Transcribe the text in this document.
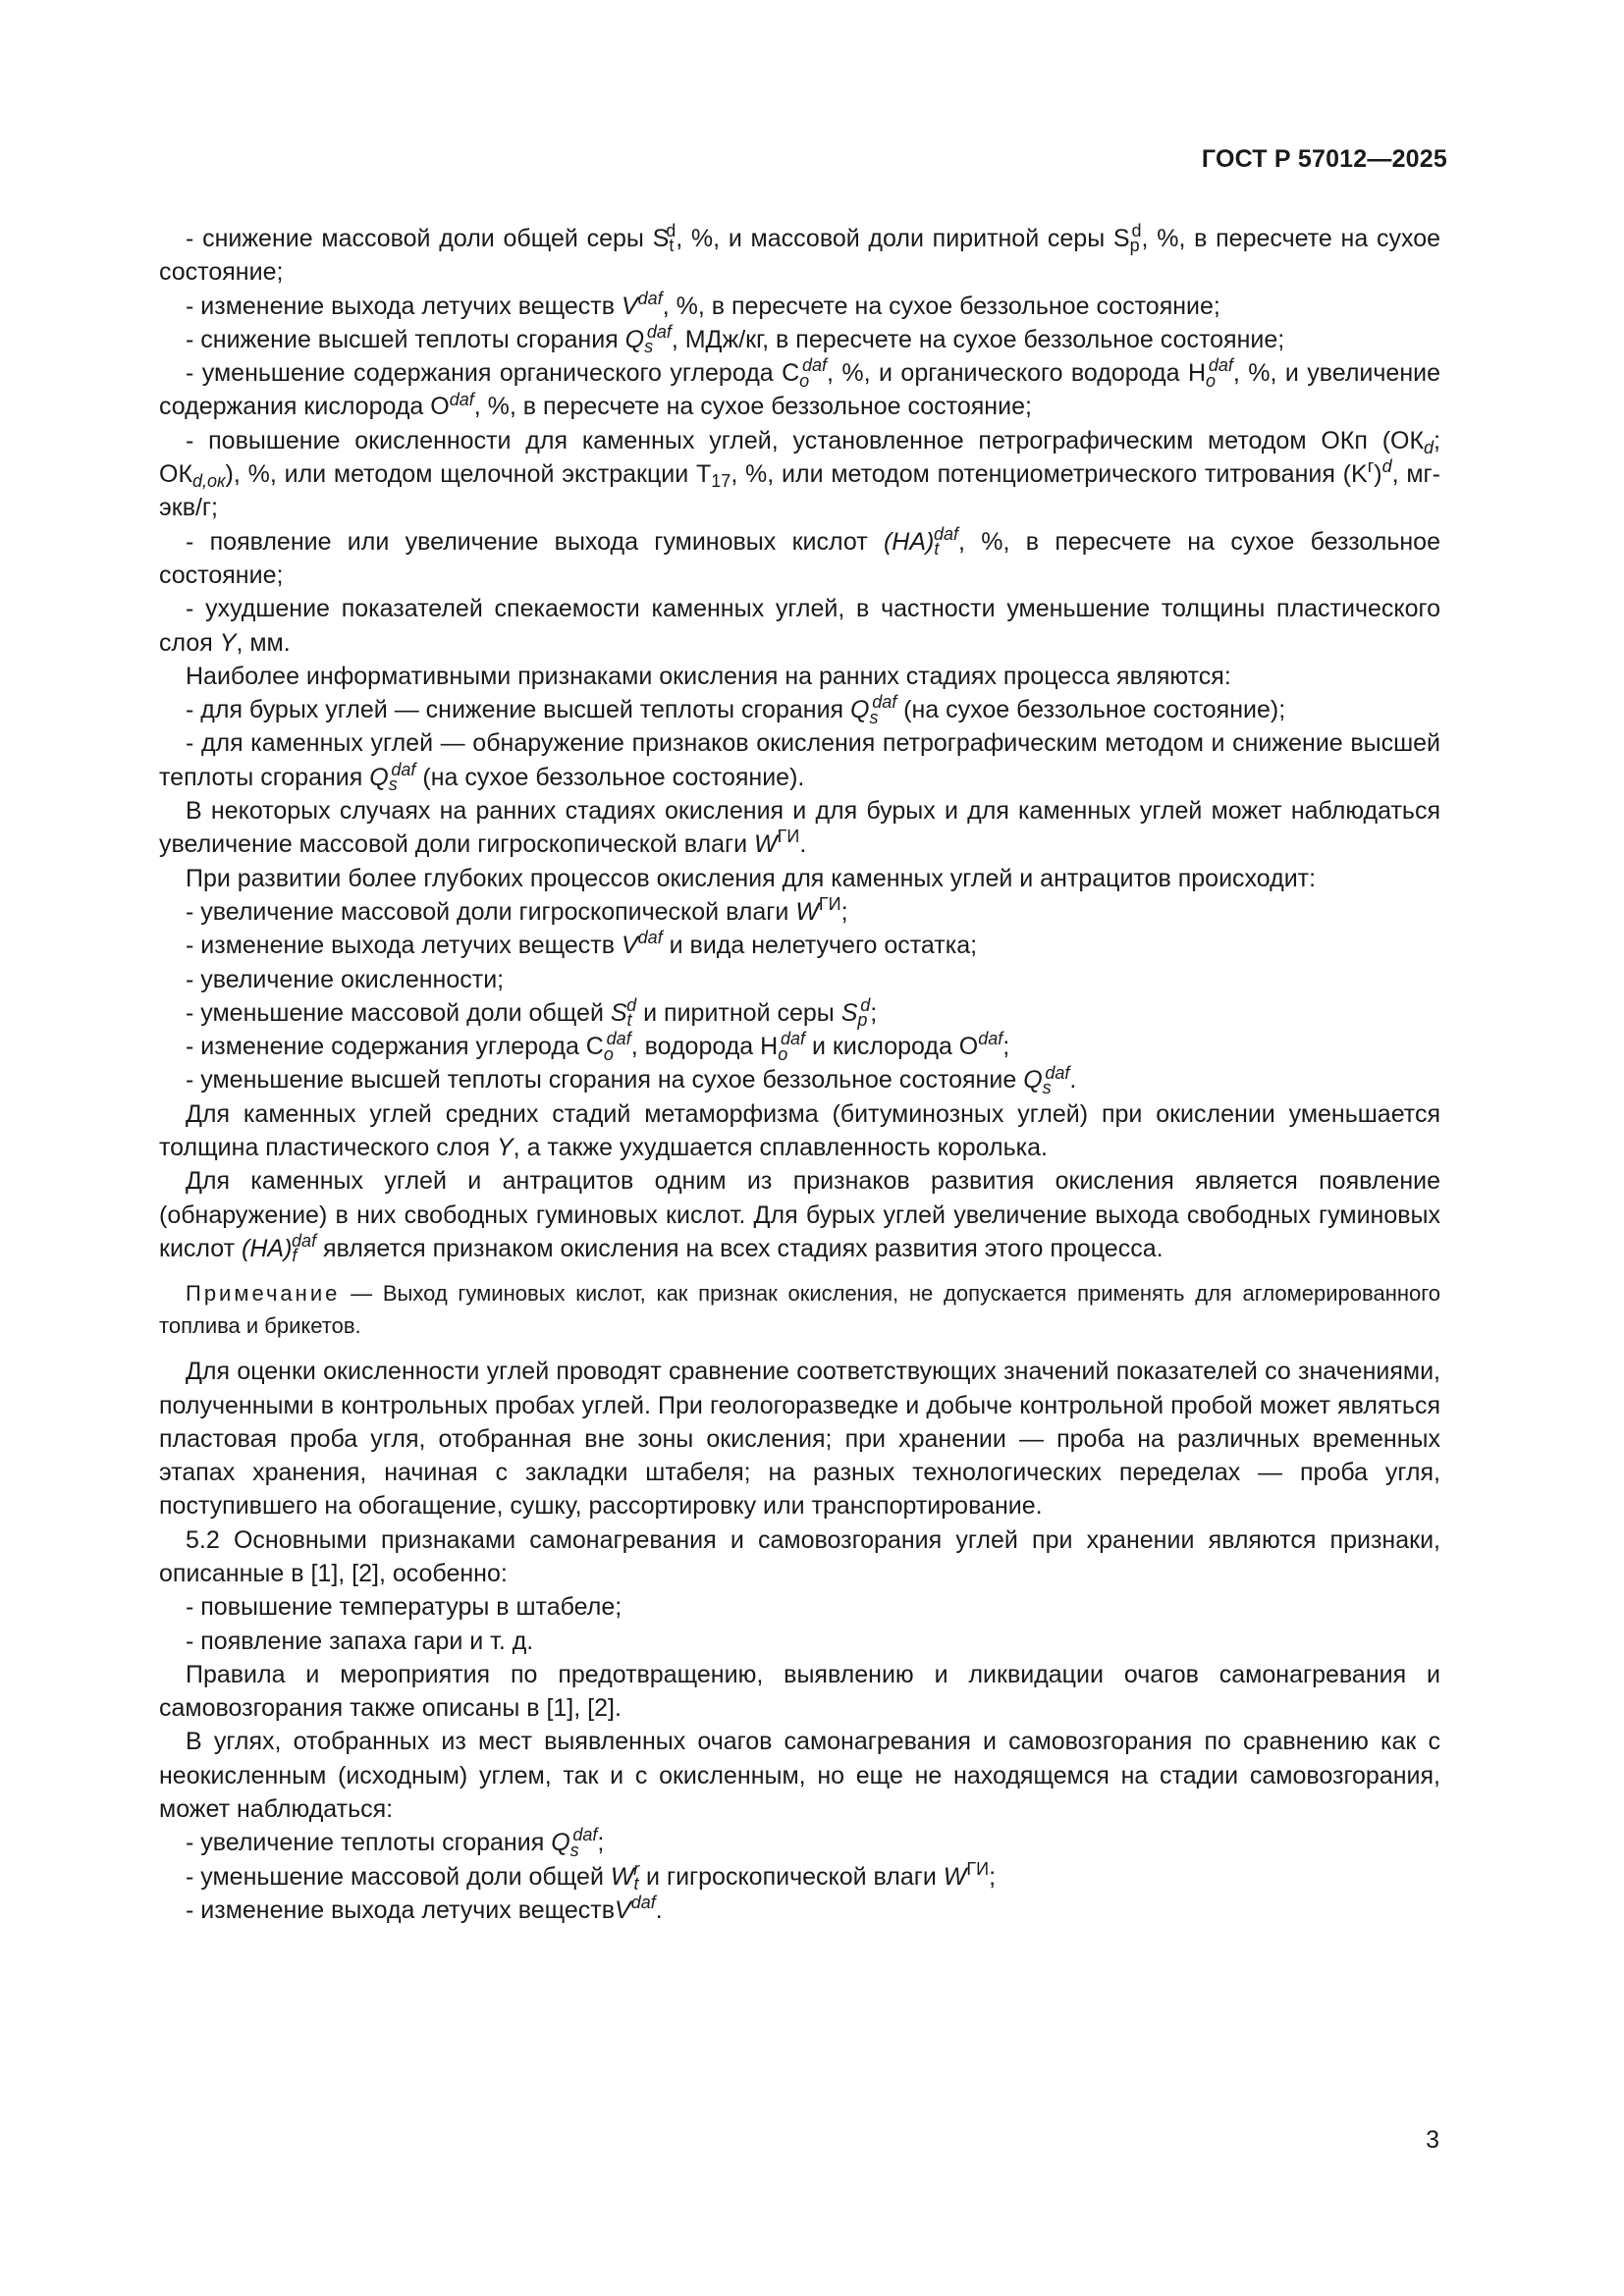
ГОСТ Р 57012—2025

- снижение массовой доли общей серы $S_t^d$, %, и массовой доли пиритной серы $S_p^d$, %, в пересчете на сухое состояние;

- изменение выхода летучих веществ $V^{daf}$, %, в пересчете на сухое беззольное состояние;

- снижение высшей теплоты сгорания $Q_s^{daf}$, МДж/кг, в пересчете на сухое беззольное состояние;

- уменьшение содержания органического углерода $C_o^{daf}$, %, и органического водорода $H_o^{daf}$, %, и увеличение содержания кислорода $O^{daf}$, %, в пересчете на сухое беззольное состояние;

- повышение окисленности для каменных углей, установленное петрографическим методом ОКп ($ОК_d$; $ОК_{d,ок}$), %, или методом щелочной экстракции $T_{17}$, %, или методом потенциометрического титрования $(K^г)^d$, мг-экв/г;

- появление или увеличение выхода гуминовых кислот $(HA)_t^{daf}$, %, в пересчете на сухое беззольное состояние;

- ухудшение показателей спекаемости каменных углей, в частности уменьшение толщины пластического слоя Y, мм.

Наиболее информативными признаками окисления на ранних стадиях процесса являются:

- для бурых углей — снижение высшей теплоты сгорания $Q_s^{daf}$ (на сухое беззольное состояние);

- для каменных углей — обнаружение признаков окисления петрографическим методом и снижение высшей теплоты сгорания $Q_s^{daf}$ (на сухое беззольное состояние).

В некоторых случаях на ранних стадиях окисления и для бурых и для каменных углей может наблюдаться увеличение массовой доли гигроскопической влаги $W^{ГИ}$.

При развитии более глубоких процессов окисления для каменных углей и антрацитов происходит:

- увеличение массовой доли гигроскопической влаги $W^{ГИ}$;

- изменение выхода летучих веществ $V^{daf}$ и вида нелетучего остатка;

- увеличение окисленности;

- уменьшение массовой доли общей $S_t^d$ и пиритной серы $S_p^d$;

- изменение содержания углерода $C_o^{daf}$, водорода $H_o^{daf}$ и кислорода $O^{daf}$;

- уменьшение высшей теплоты сгорания на сухое беззольное состояние $Q_s^{daf}$.

Для каменных углей средних стадий метаморфизма (битуминозных углей) при окислении уменьшается толщина пластического слоя Y, а также ухудшается сплавленность королька.

Для каменных углей и антрацитов одним из признаков развития окисления является появление (обнаружение) в них свободных гуминовых кислот. Для бурых углей увеличение выхода свободных гуминовых кислот $(HA)_f^{daf}$ является признаком окисления на всех стадиях развития этого процесса.

Примечание — Выход гуминовых кислот, как признак окисления, не допускается применять для агломерированного топлива и брикетов.

Для оценки окисленности углей проводят сравнение соответствующих значений показателей со значениями, полученными в контрольных пробах углей. При геологоразведке и добыче контрольной пробой может являться пластовая проба угля, отобранная вне зоны окисления; при хранении — проба на различных временных этапах хранения, начиная с закладки штабеля; на разных технологических переделах — проба угля, поступившего на обогащение, сушку, рассортировку или транспортирование.

5.2 Основными признаками самонагревания и самовозгорания углей при хранении являются признаки, описанные в [1], [2], особенно:

- повышение температуры в штабеле;

- появление запаха гари и т. д.

Правила и мероприятия по предотвращению, выявлению и ликвидации очагов самонагревания и самовозгорания также описаны в [1], [2].

В углях, отобранных из мест выявленных очагов самонагревания и самовозгорания по сравнению как с неокисленным (исходным) углем, так и с окисленным, но еще не находящемся на стадии самовозгорания, может наблюдаться:

- увеличение теплоты сгорания $Q_s^{daf}$;

- уменьшение массовой доли общей $W_t^r$ и гигроскопической влаги $W^{ГИ}$;

- изменение выхода летучих веществV$^{daf}$.

3
